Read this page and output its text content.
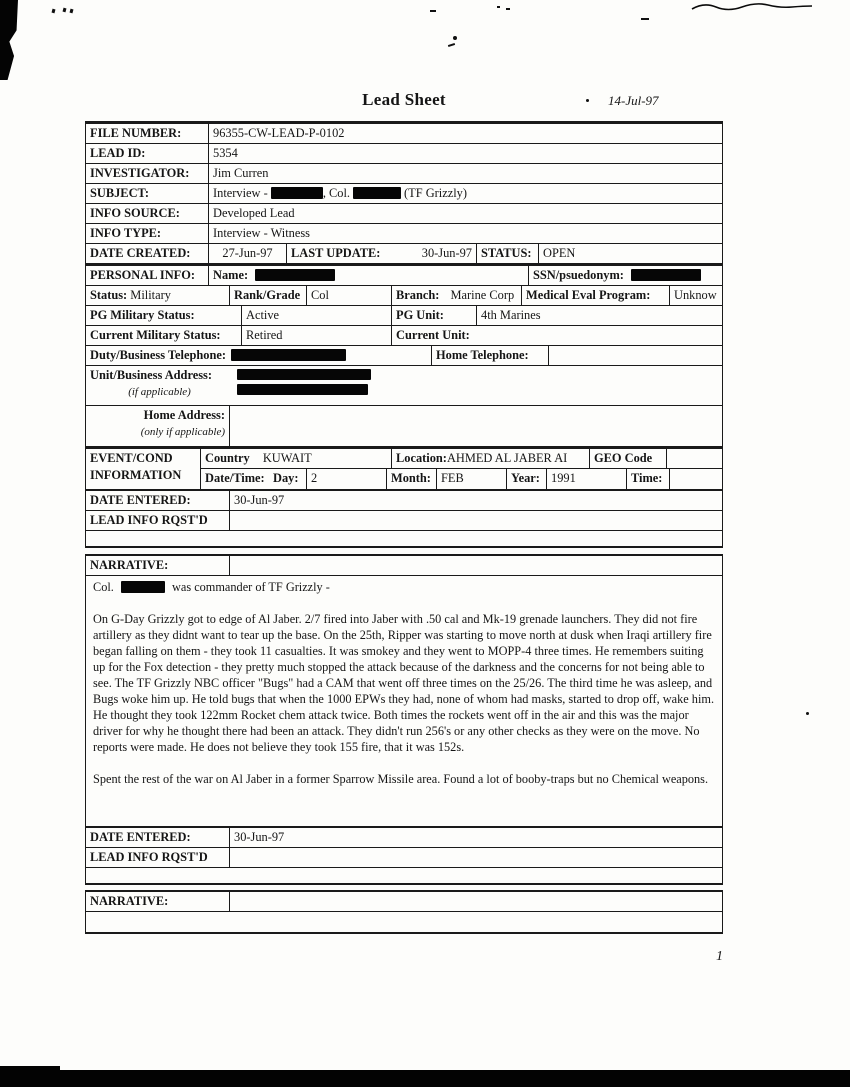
Lead Sheet	14-Jul-97
FILE NUMBER:	96355-CW-LEAD-P-0102
LEAD ID:	5354
INVESTIGATOR:	Jim Curren
SUBJECT:	Interview -	, Col.	(TF Grizzly)
INFO SOURCE:	Developed Lead
INFO TYPE:	Interview - Witness
DATE CREATED:	27-Jun-97	LAST UPDATE:	30-Jun-97 STATUS: OPEN
PERSONAL INFO:	Name:	SSN/psuedonym:
Status: Military	Rank/Grade Col	Branch: Marine Corp Medical Eval Program:	Unknow
PG Military Status:	Active	PG Unit:	4th Marines
Current Military Status:	Retired	Current Unit:
Duty/Business Telephone:	Home Telephone:
Unit/Business Address:
(if applicable)
Home Address:
(only if applicable)
EVENT/COND
INFORMATION
Country KUWAIT	Location:AHMED AL JABER AI	GEO Code
Date/Time: Day:	2	Month: FEB	Year: 1991	Time:
DATE ENTERED:	30-Jun-97
LEAD INFO RQST'D
NARRATIVE:

Col.	was commander of TF Grizzly -

On G-Day Grizzly got to edge of Al Jaber. 2/7 fired into Jaber with .50 cal and Mk-19 grenade launchers. They did not fire artillery as they didnt want to tear up the base. On the 25th, Ripper was starting to move north at dusk when Iraqi artillery fire began falling on them - they took 11 casualties. It was smokey and they went to MOPP-4 three times. He remembers suiting up for the Fox detection - they pretty much stopped the attack because of the darkness and the concerns for not being able to see. The TF Grizzly NBC officer "Bugs" had a CAM that went off three times on the 25/26. The third time he was asleep, and Bugs woke him up. He told bugs that when the 1000 EPWs they had, none of whom had masks, started to drop off, wake him. He thought they took 122mm Rocket chem attack twice. Both times the rockets went off in the air and this was the major driver for why he thought there had been an attack. They didn't run 256's or any other checks as they were on the move. No reports were made. He does not believe they took 155 fire, that it was 152s.

Spent the rest of the war on Al Jaber in a former Sparrow Missile area. Found a lot of booby-traps but no Chemical weapons.

DATE ENTERED:	30-Jun-97
LEAD INFO RQST'D
NARRATIVE:
1
